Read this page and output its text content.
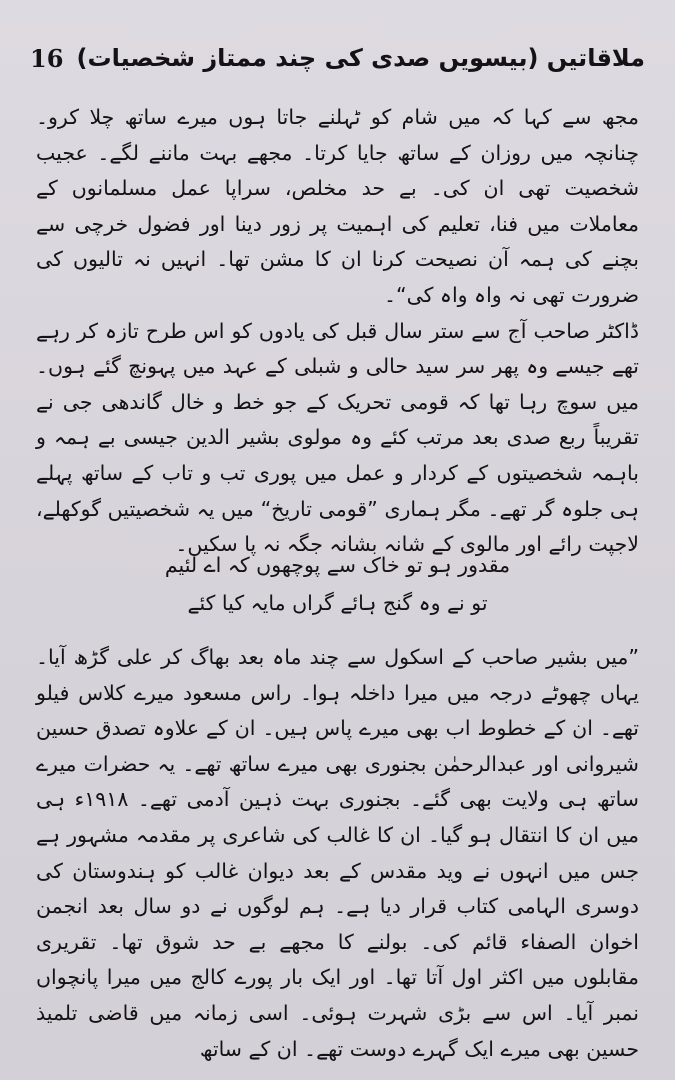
ملاقاتیں (بیسویں صدی کی چند ممتاز شخصیات)
16

مجھ سے کہا کہ میں شام کو ٹہلنے جاتا ہوں میرے ساتھ چلا کرو۔ چنانچہ میں روزان کے ساتھ جایا کرتا۔ مجھے بہت ماننے لگے۔ عجیب شخصیت تھی ان کی۔ بے حد مخلص، سراپا عمل مسلمانوں کے معاملات میں فنا، تعلیم کی اہمیت پر زور دینا اور فضول خرچی سے بچنے کی ہمہ آن نصیحت کرنا ان کا مشن تھا۔ انہیں نہ تالیوں کی ضرورت تھی نہ واہ واہ کی“۔

ڈاکٹر صاحب آج سے ستر سال قبل کی یادوں کو اس طرح تازہ کر رہے تھے جیسے وہ پھر سر سید حالی و شبلی کے عہد میں پہونچ گئے ہوں۔ میں سوچ رہا تھا کہ قومی تحریک کے جو خط و خال گاندھی جی نے تقریباً ربع صدی بعد مرتب کئے وہ مولوی بشیر الدین جیسی بے ہمہ و باہمہ شخصیتوں کے کردار و عمل میں پوری تب و تاب کے ساتھ پہلے ہی جلوہ گر تھے۔ مگر ہماری ”قومی تاریخ“ میں یہ شخصیتیں گوکھلے، لاجپت رائے اور مالوی کے شانہ بشانہ جگہ نہ پا سکیں۔

مقدور ہو تو خاک سے پوچھوں کہ اے لئیم
تو نے وہ گنج ہائے گراں مایہ کیا کئے

”میں بشیر صاحب کے اسکول سے چند ماہ بعد بھاگ کر علی گڑھ آیا۔ یہاں چھوٹے درجہ میں میرا داخلہ ہوا۔ راس مسعود میرے کلاس فیلو تھے۔ ان کے خطوط اب بھی میرے پاس ہیں۔ ان کے علاوہ تصدق حسین شیروانی اور عبدالرحمٰن بجنوری بھی میرے ساتھ تھے۔ یہ حضرات میرے ساتھ ہی ولایت بھی گئے۔ بجنوری بہت ذہین آدمی تھے۔ ۱۹۱۸ء ہی میں ان کا انتقال ہو گیا۔ ان کا غالب کی شاعری پر مقدمہ مشہور ہے جس میں انہوں نے وید مقدس کے بعد دیوان غالب کو ہندوستان کی دوسری الہامی کتاب قرار دیا ہے۔ ہم لوگوں نے دو سال بعد انجمن اخوان الصفاء قائم کی۔ بولنے کا مجھے بے حد شوق تھا۔ تقریری مقابلوں میں اکثر اول آتا تھا۔ اور ایک بار پورے کالج میں میرا پانچواں نمبر آیا۔ اس سے بڑی شہرت ہوئی۔ اسی زمانہ میں قاضی تلمیذ حسین بھی میرے ایک گہرے دوست تھے۔ ان کے ساتھ
